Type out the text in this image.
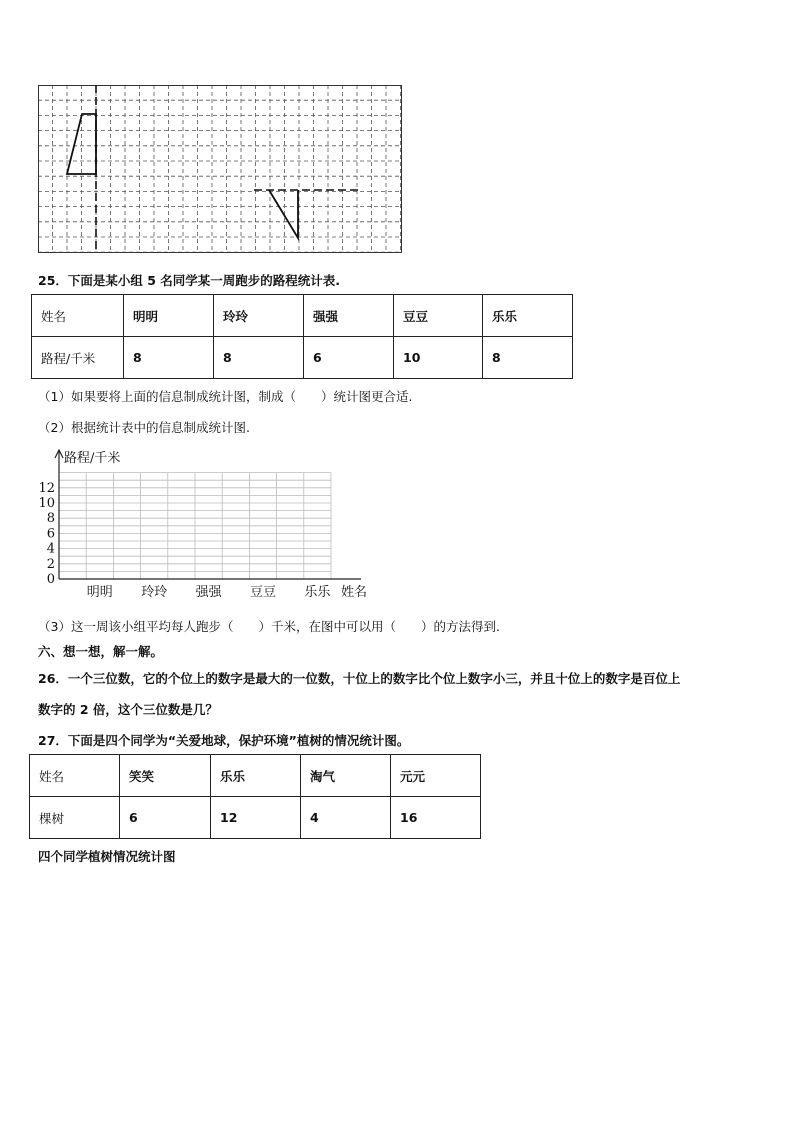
25．下面是某小组 5 名同学某一周跑步的路程统计表.
姓名	明明	玲玲	强强	豆豆	乐乐
路程/千米	8	8	6	10	8
（1）如果要将上面的信息制成统计图，制成（　　）统计图更合适.
（2）根据统计表中的信息制成统计图.
0
2
4
6
8
10
12
明明 玲玲 强强 豆豆 乐乐
路程/千米
姓名
（3）这一周该小组平均每人跑步（　　）千米，在图中可以用（　　）的方法得到.
六、想一想，解一解。
26．一个三位数，它的个位上的数字是最大的一位数，十位上的数字比个位上数字小三，并且十位上的数字是百位上
数字的 2 倍，这个三位数是几？
27．下面是四个同学为“关爱地球，保护环境”植树的情况统计图。
姓名	笑笑	乐乐	淘气	元元
棵树	6	12	4	16
四个同学植树情况统计图
